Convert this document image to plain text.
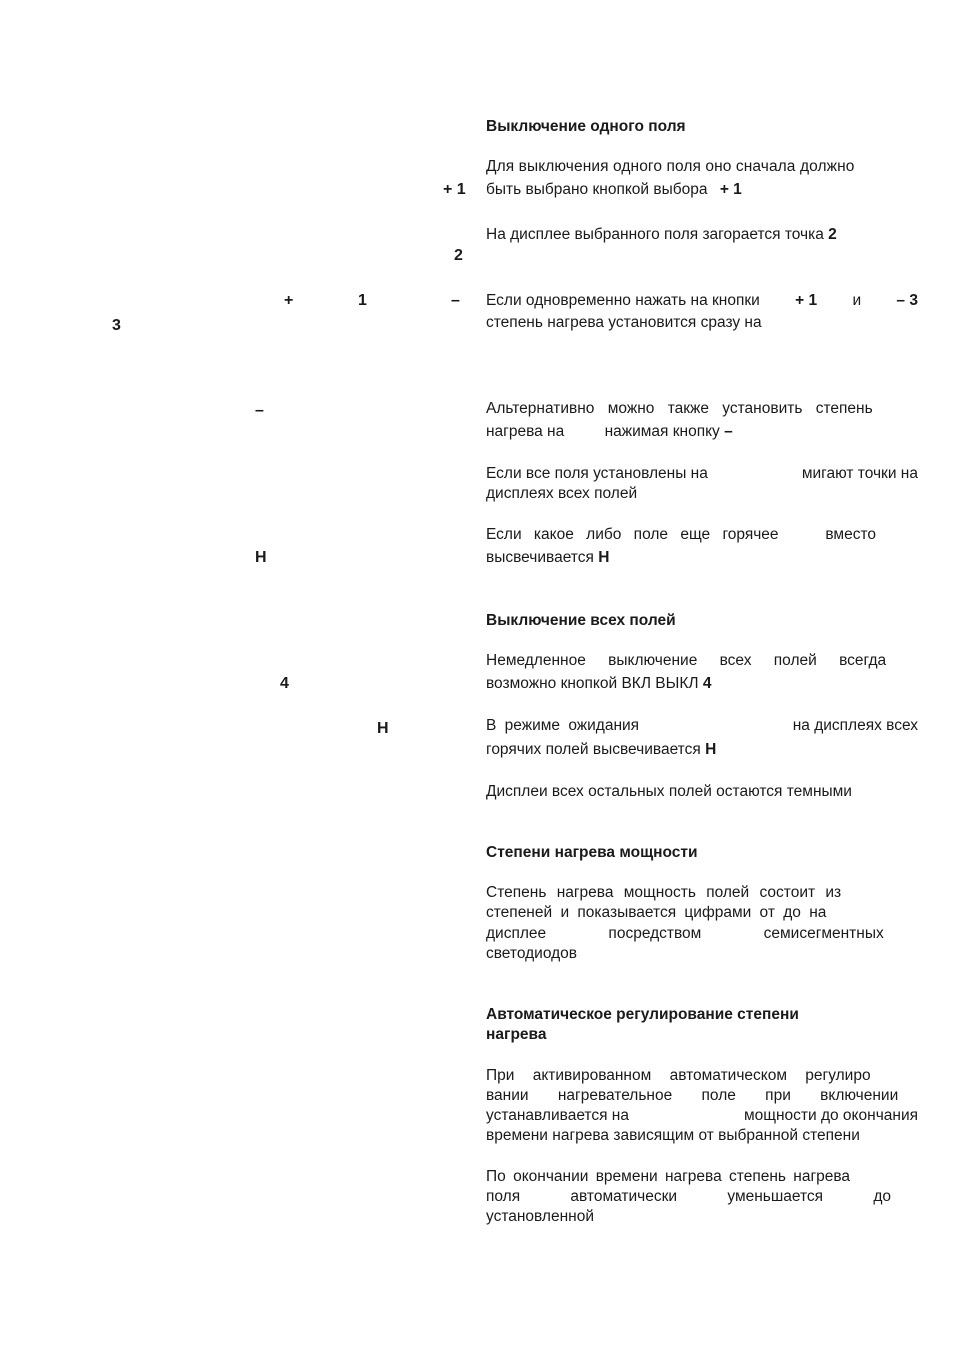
+ 1
2
+	1	–
3
–
H
4
H
Выключение одного поля
Для выключения одного поля оно сначала должно
быть выбрано кнопкой выбора + 1
На дисплее выбранного поля загорается точка 2
Если одновременно нажать на кнопки + 1 и – 3
степень нагрева установится сразу на
Альтернативно можно также установить степень
нагрева на	нажимая кнопку –
Если все поля установлены на	мигают точки на
дисплеях всех полей
Если какое либо поле еще горячее	вместо
высвечивается H
Выключение всех полей
Немедленное выключение всех полей всегда
возможно кнопкой ВКЛ ВЫКЛ 4
В режиме ожидания	на дисплеях всех
горячих полей высвечивается H
Дисплеи всех остальных полей остаются темными
Степени нагрева мощности
Степень нагрева мощность полей состоит из
степеней и показывается цифрами от до на
дисплее посредством семисегментных
светодиодов
Автоматическое регулирование степени
нагрева
При активированном автоматическом регулиро
вании нагревательное поле при включении
устанавливается на	мощности до окончания
времени нагрева зависящим от выбранной степени
По окончании времени нагрева степень нагрева
поля автоматически уменьшается до
установленной
